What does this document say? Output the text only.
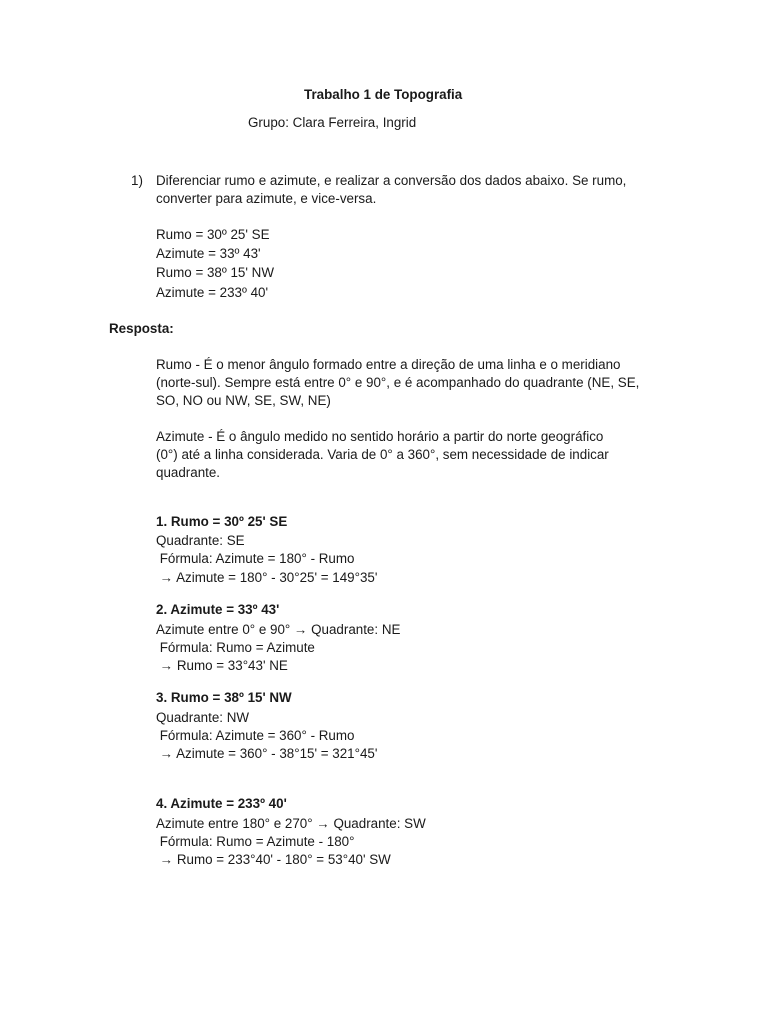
Trabalho 1 de Topografia
Grupo: Clara Ferreira, Ingrid
1) Diferenciar rumo e azimute, e realizar a conversão dos dados abaixo. Se rumo,
converter para azimute, e vice-versa.
Rumo = 30º 25' SE
Azimute = 33º 43'
Rumo = 38º 15' NW
Azimute = 233º 40'
Resposta:
Rumo - É o menor ângulo formado entre a direção de uma linha e o meridiano
(norte-sul). Sempre está entre 0° e 90°, e é acompanhado do quadrante (NE, SE,
SO, NO ou NW, SE, SW, NE)
Azimute - É o ângulo medido no sentido horário a partir do norte geográfico
(0°) até a linha considerada. Varia de 0° a 360°, sem necessidade de indicar
quadrante.
1. Rumo = 30º 25' SE
Quadrante: SE
Fórmula: Azimute = 180° - Rumo
→ Azimute = 180° - 30°25' = 149°35'
2. Azimute = 33º 43'
Azimute entre 0° e 90° → Quadrante: NE
Fórmula: Rumo = Azimute
→ Rumo = 33°43' NE
3. Rumo = 38º 15' NW
Quadrante: NW
Fórmula: Azimute = 360° - Rumo
→ Azimute = 360° - 38°15' = 321°45'
4. Azimute = 233º 40'
Azimute entre 180° e 270° → Quadrante: SW
Fórmula: Rumo = Azimute - 180°
→ Rumo = 233°40' - 180° = 53°40' SW
